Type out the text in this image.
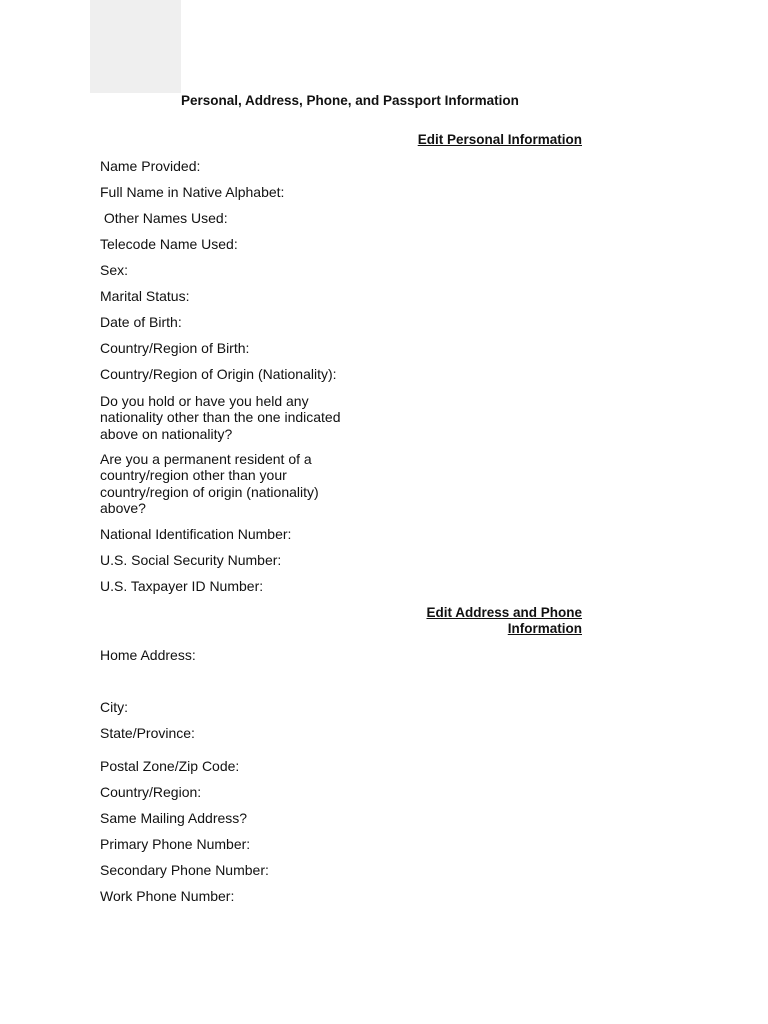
Personal, Address, Phone, and Passport Information
Edit Personal Information
Name Provided:
Full Name in Native Alphabet:
Other Names Used:
Telecode Name Used:
Sex:
Marital Status:
Date of Birth:
Country/Region of Birth:
Country/Region of Origin (Nationality):
Do you hold or have you held any nationality other than the one indicated above on nationality?
Are you a permanent resident of a country/region other than your country/region of origin (nationality) above?
National Identification Number:
U.S. Social Security Number:
U.S. Taxpayer ID Number:
Edit Address and Phone Information
Home Address:
City:
State/Province:
Postal Zone/Zip Code:
Country/Region:
Same Mailing Address?
Primary Phone Number:
Secondary Phone Number:
Work Phone Number:
